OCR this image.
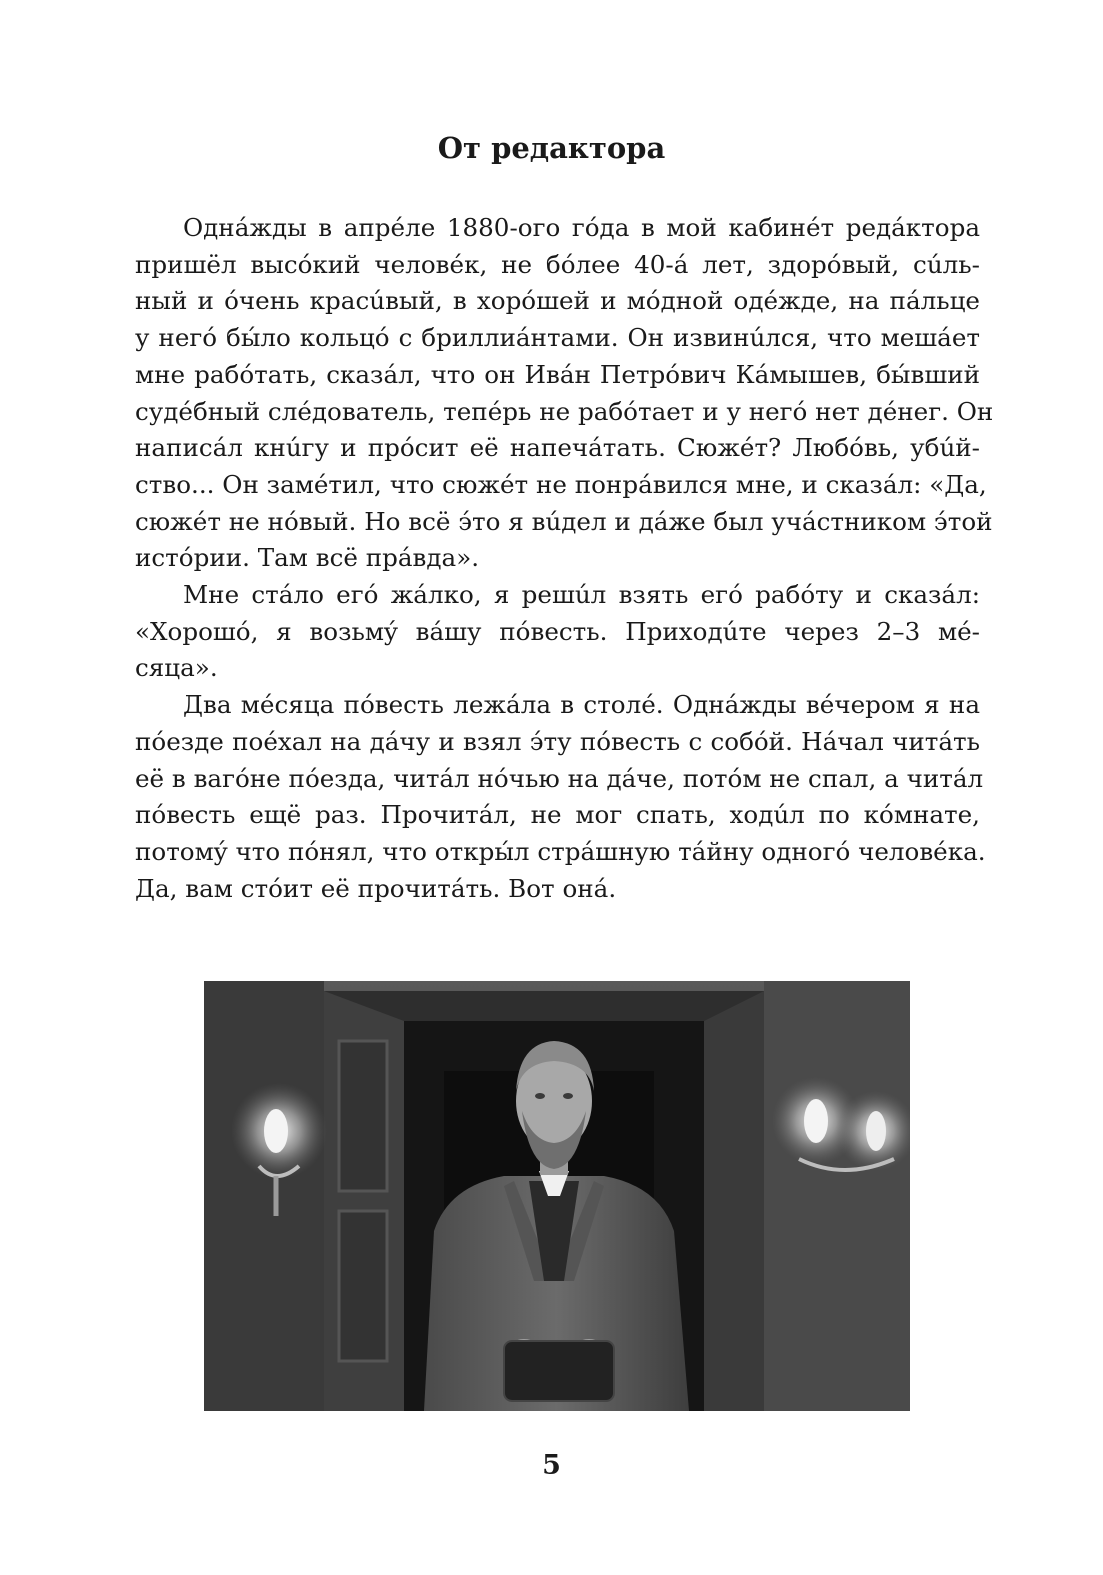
От редактора

Однáжды в апрéле 1880-ого гóда в мой кабинéт редáктора
пришёл высóкий человéк, не бóлее 40-á лет, здорóвый, сúль-
ный и óчень красúвый, в хорóшей и мóдной одéжде, на пáльце
у негó бы́ло кольцó с бриллиáнтами. Он извинúлся, что мешáет
мне рабóтать, сказáл, что он Ивáн Петрóвич Кáмышев, бы́вший
судéбный слéдователь, тепéрь не рабóтает и у негó нет дéнег. Он
написáл кнúгу и прóсит её напечáтать. Сюжéт? Любóвь, убúй-
ство... Он замéтил, что сюжéт не понрáвился мне, и сказáл: «Да,
сюжéт не нóвый. Но всё э́то я вúдел и дáже был учáстником э́той
истóрии. Там всё прáвда».

Мне стáло егó жáлко, я решúл взять егó рабóту и сказáл:
«Хорошó, я возьмý вáшу пóвесть. Приходúте через 2–3 мé-
сяца».

Два мéсяца пóвесть лежáла в столé. Однáжды вéчером я на
пóезде поéхал на дáчу и взял э́ту пóвесть с собóй. Нáчал читáть
её в вагóне пóезда, читáл нóчью на дáче, потóм не спал, а читáл
пóвесть ещё раз. Прочитáл, не мог спать, ходúл по кóмнате,
потомý что пóнял, что откры́л стрáшную тáйну одногó человéка.
Да, вам стóит её прочитáть. Вот онá.

5
